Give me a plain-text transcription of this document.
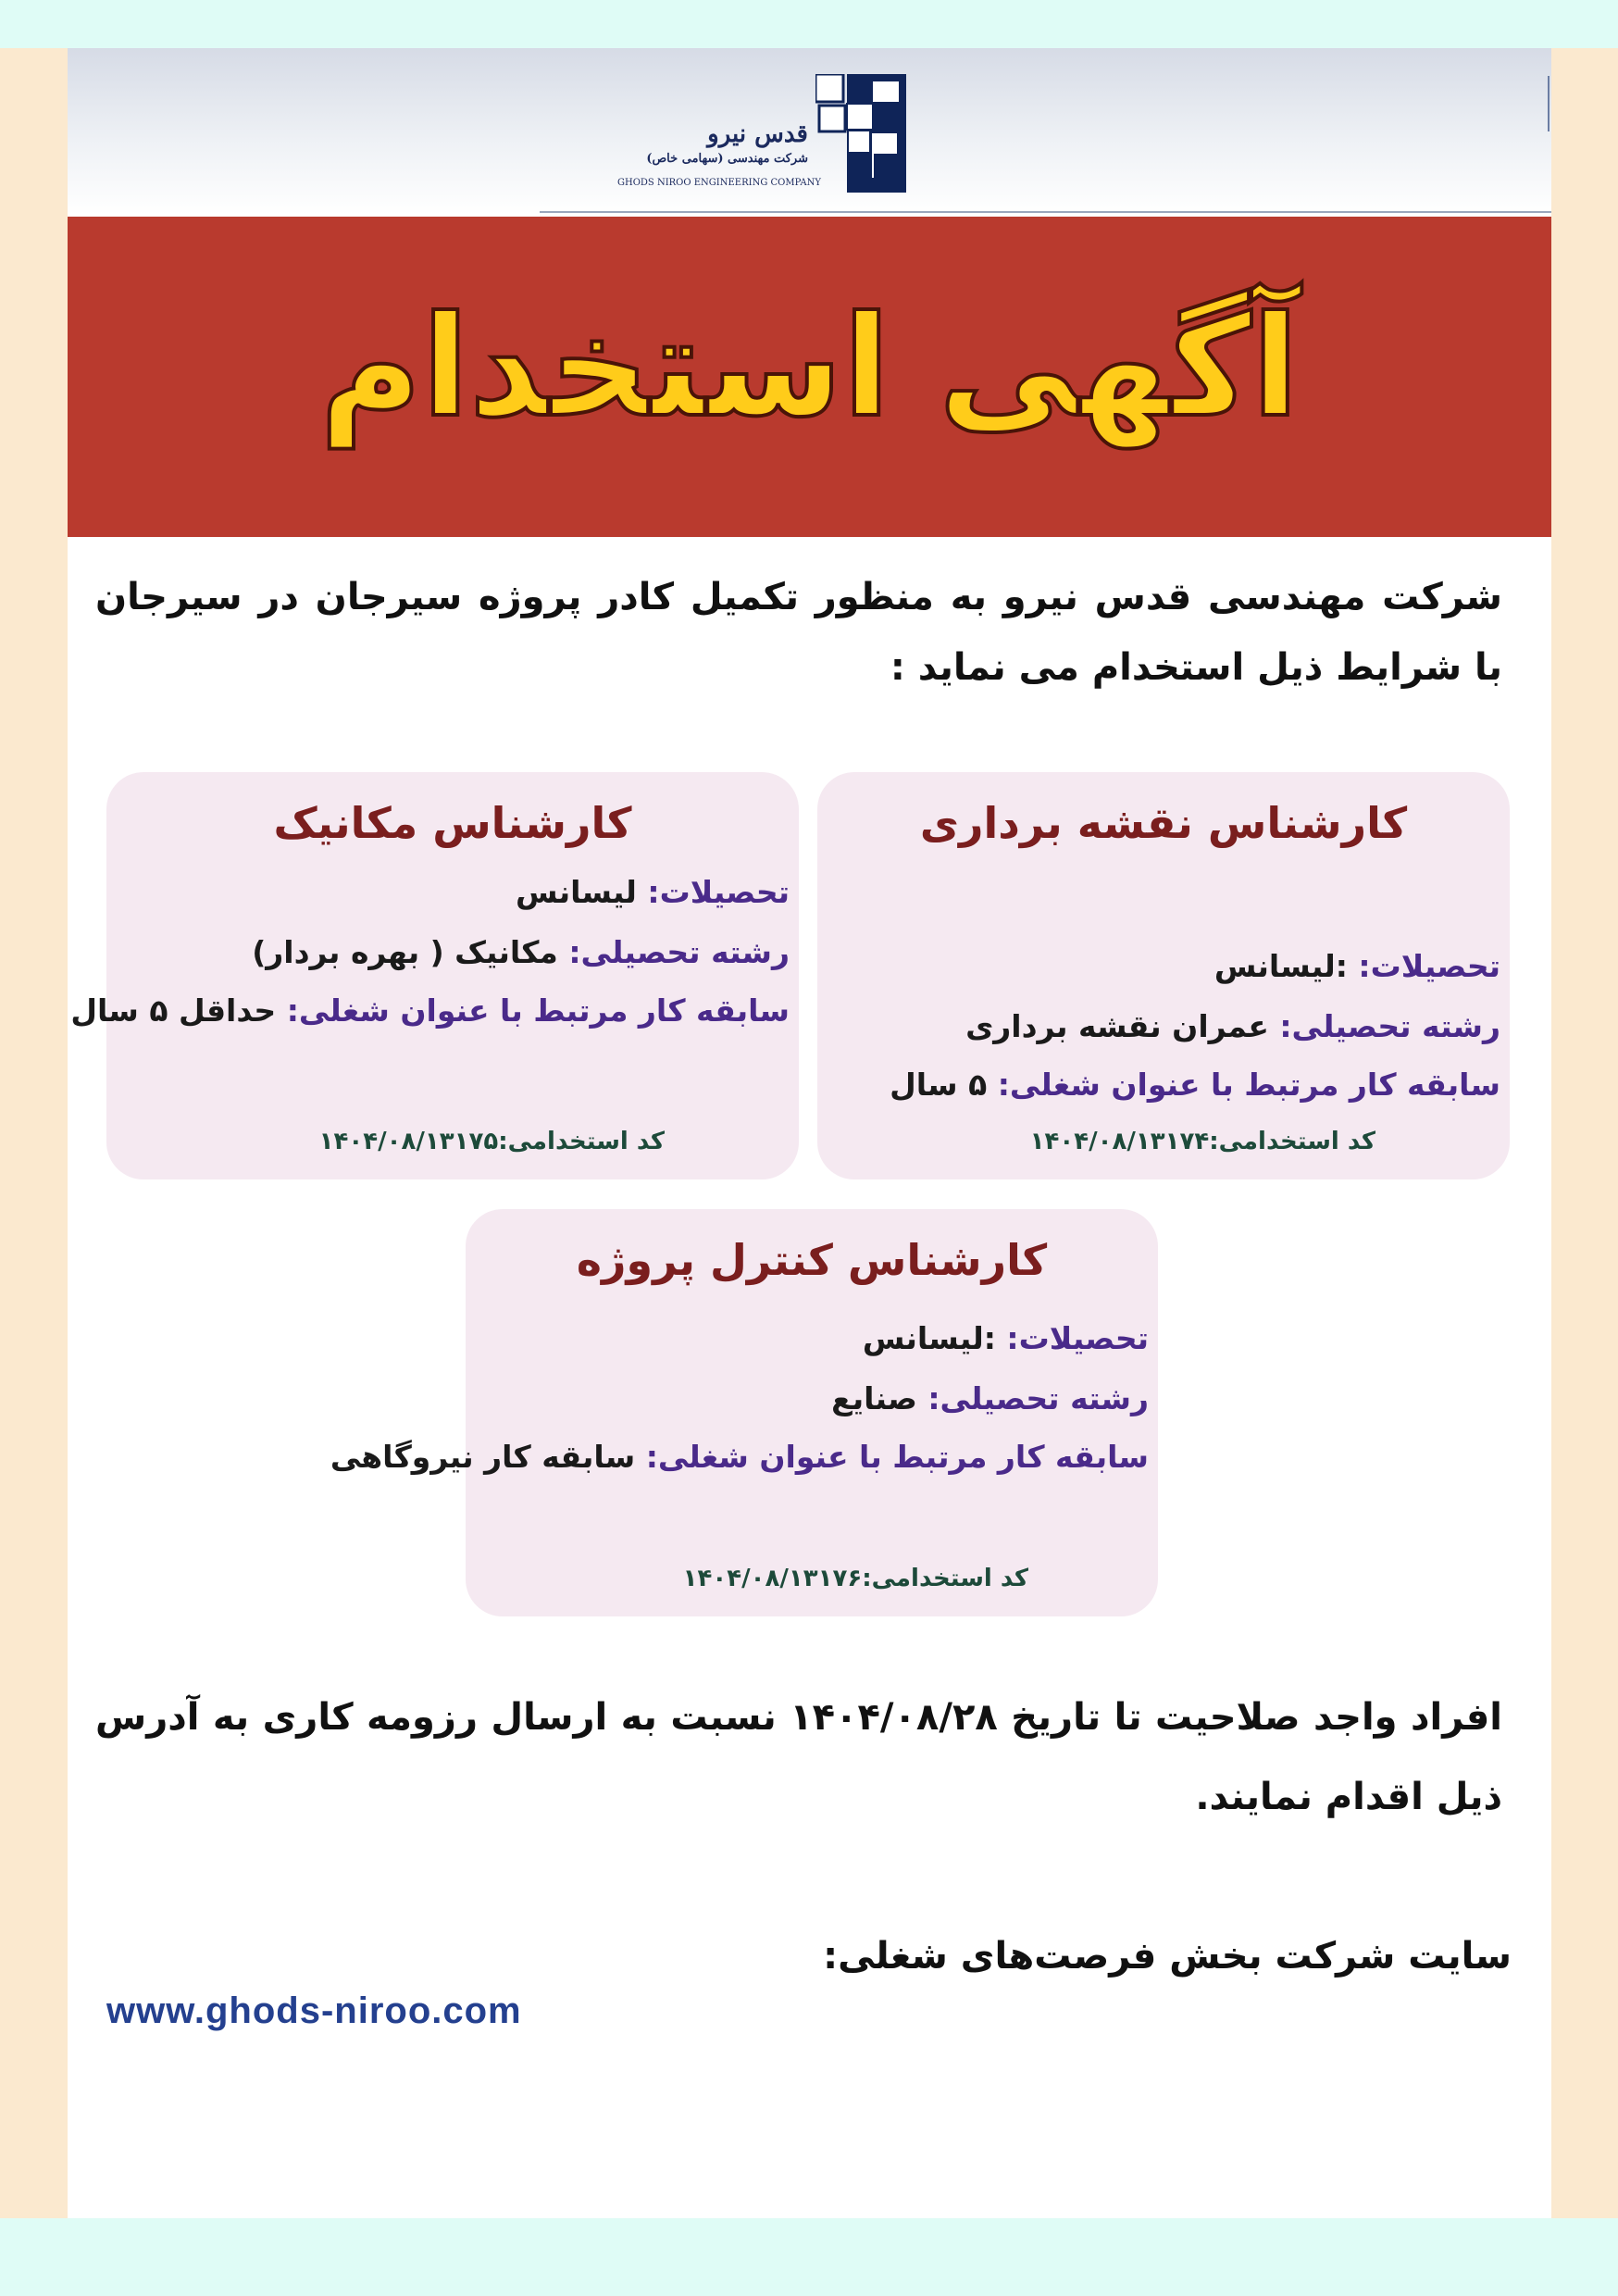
قدس نیرو
شرکت مهندسی (سهامی خاص)
GHODS NIROO ENGINEERING COMPANY
آگهی استخدام
شرکت مهندسی قدس نیرو به منظور تکمیل کادر پروژه سیرجان در سیرجان با شرایط ذیل استخدام می نماید :
کارشناس نقشه برداری
تحصیلات: :لیسانس
رشته تحصیلی: عمران نقشه برداری
سابقه کار مرتبط با عنوان شغلی: ۵ سال
کد استخدامی:۱۴۰۴/۰۸/۱۳۱۷۴
کارشناس مکانیک
تحصیلات: لیسانس
رشته تحصیلی: مکانیک ( بهره بردار)
سابقه کار مرتبط با عنوان شغلی: حداقل ۵ سال
کد استخدامی:۱۴۰۴/۰۸/۱۳۱۷۵
کارشناس کنترل پروژه
تحصیلات: :لیسانس
رشته تحصیلی: صنایع
سابقه کار مرتبط با عنوان شغلی: سابقه کار نیروگاهی
کد استخدامی:۱۴۰۴/۰۸/۱۳۱۷۶
افراد واجد صلاحیت تا تاریخ ۱۴۰۴/۰۸/۲۸ نسبت به ارسال رزومه کاری به آدرس ذیل اقدام نمایند.
سایت شرکت بخش فرصت‌های شغلی:
www.ghods-niroo.com
